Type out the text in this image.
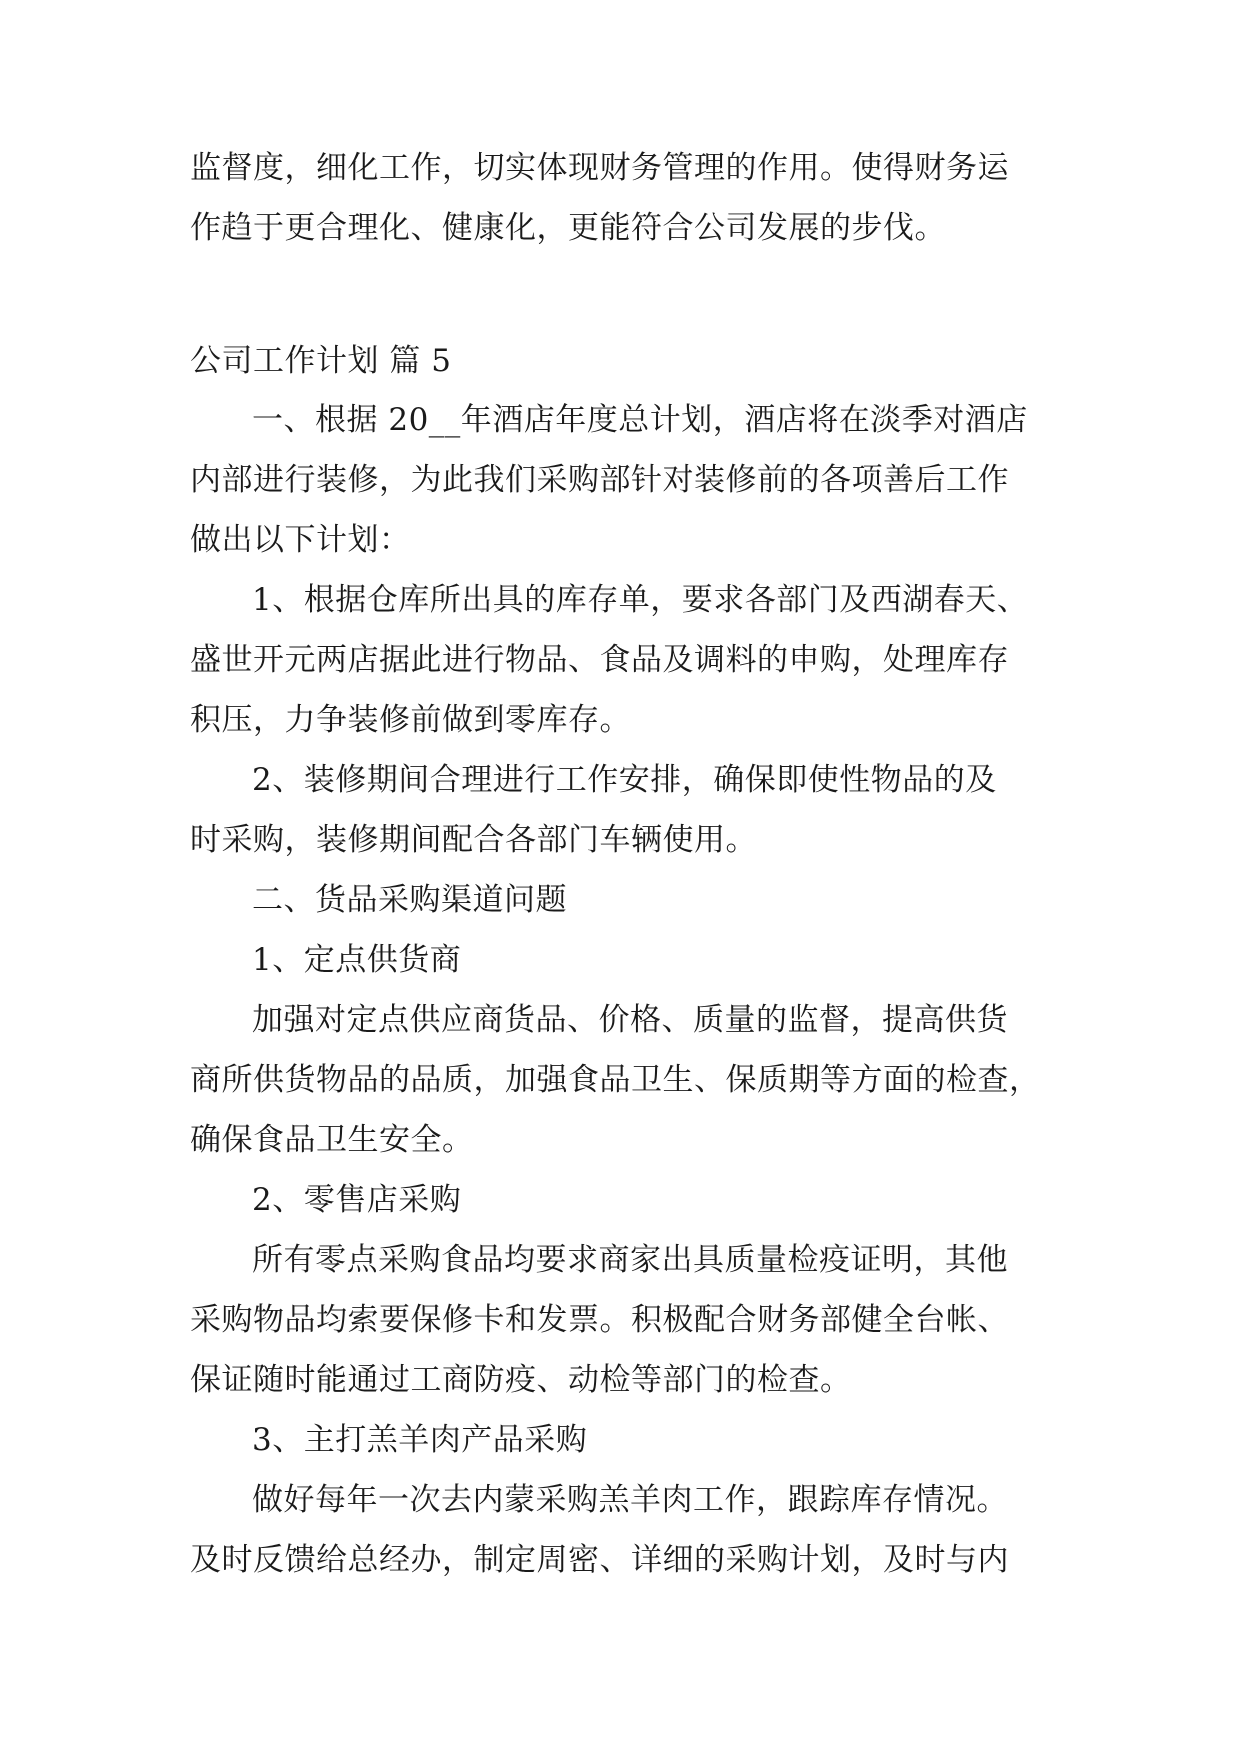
监督度，细化工作，切实体现财务管理的作用。使得财务运
作趋于更合理化、健康化，更能符合公司发展的步伐。
公司工作计划 篇 5
一、根据 20__年酒店年度总计划，酒店将在淡季对酒店
内部进行装修，为此我们采购部针对装修前的各项善后工作
做出以下计划：
1、根据仓库所出具的库存单，要求各部门及西湖春天、
盛世开元两店据此进行物品、食品及调料的申购，处理库存
积压，力争装修前做到零库存。
2、装修期间合理进行工作安排，确保即使性物品的及
时采购，装修期间配合各部门车辆使用。
二、货品采购渠道问题
1、定点供货商
加强对定点供应商货品、价格、质量的监督，提高供货
商所供货物品的品质，加强食品卫生、保质期等方面的检查，
确保食品卫生安全。
2、零售店采购
所有零点采购食品均要求商家出具质量检疫证明，其他
采购物品均索要保修卡和发票。积极配合财务部健全台帐、
保证随时能通过工商防疫、动检等部门的检查。
3、主打羔羊肉产品采购
做好每年一次去内蒙采购羔羊肉工作，跟踪库存情况。
及时反馈给总经办，制定周密、详细的采购计划，及时与内
